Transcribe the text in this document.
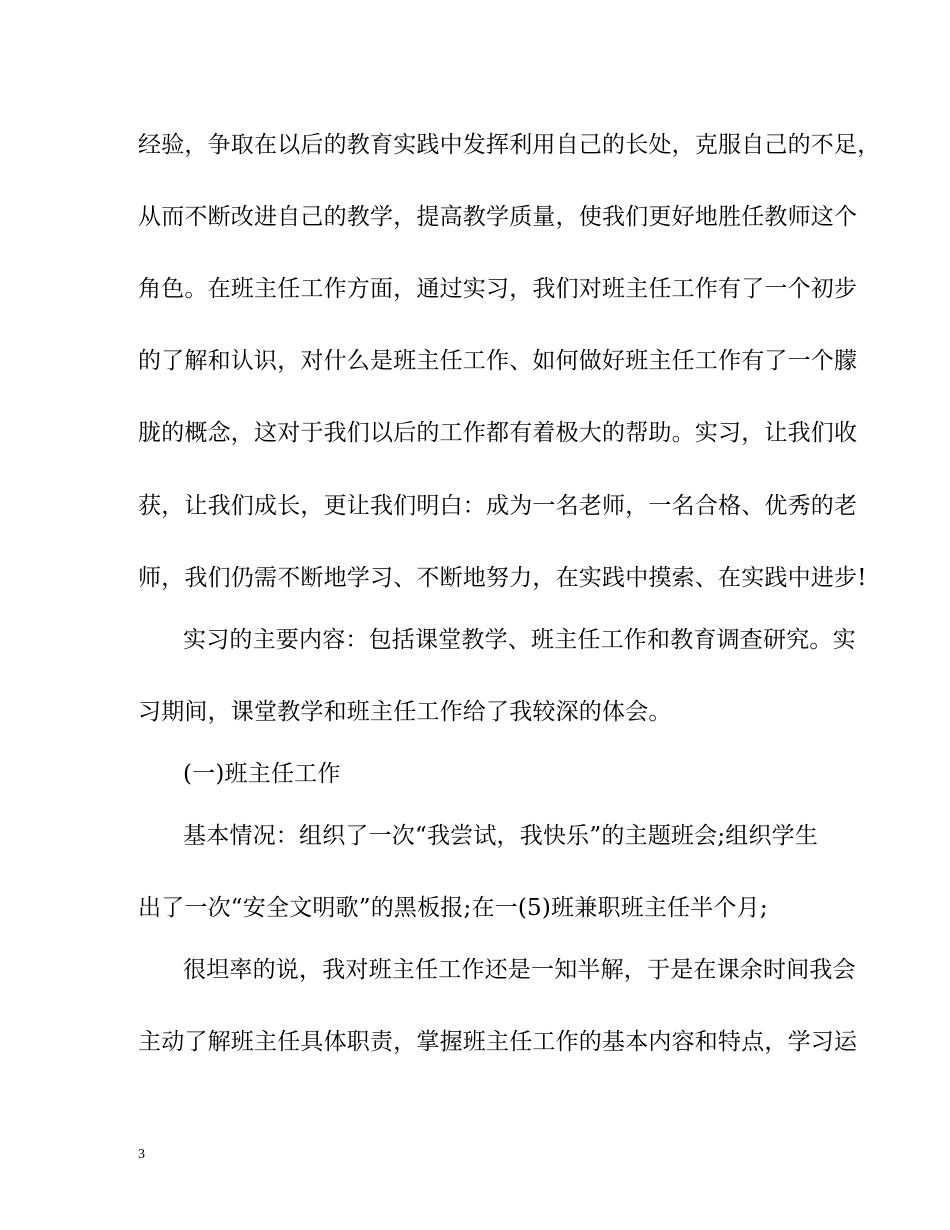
经验，争取在以后的教育实践中发挥利用自己的长处，克服自己的不足，
从而不断改进自己的教学，提高教学质量，使我们更好地胜任教师这个
角色。在班主任工作方面，通过实习，我们对班主任工作有了一个初步
的了解和认识，对什么是班主任工作、如何做好班主任工作有了一个朦
胧的概念，这对于我们以后的工作都有着极大的帮助。实习，让我们收
获，让我们成长，更让我们明白：成为一名老师，一名合格、优秀的老
师，我们仍需不断地学习、不断地努力，在实践中摸索、在实践中进步!
实习的主要内容：包括课堂教学、班主任工作和教育调查研究。实
习期间，课堂教学和班主任工作给了我较深的体会。
(一)班主任工作
基本情况：组织了一次“我尝试，我快乐”的主题班会;组织学生
出了一次“安全文明歌”的黑板报;在一(5)班兼职班主任半个月;
很坦率的说，我对班主任工作还是一知半解，于是在课余时间我会
主动了解班主任具体职责，掌握班主任工作的基本内容和特点，学习运
3
